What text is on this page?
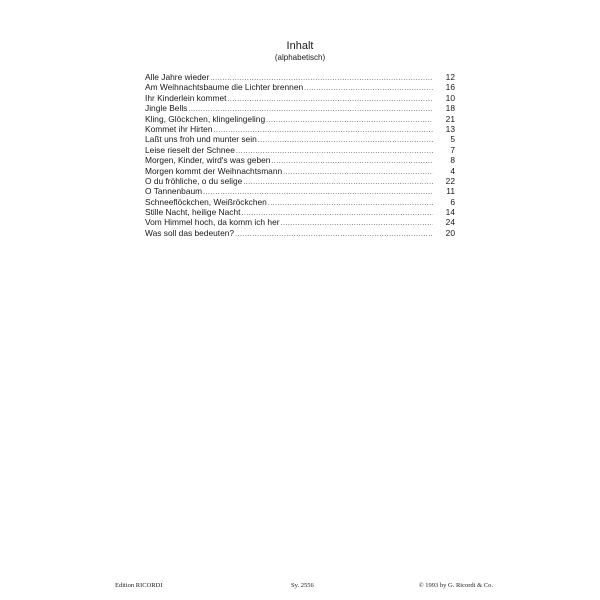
Inhalt
(alphabetisch)
Alle Jahre wieder .....	12
Am Weihnachtsbaume die Lichter brennen .....	16
Ihr Kinderlein kommet .....	10
Jingle Bells .....	18
Kling, Glöckchen, klingelingeling .....	21
Kommet ihr Hirten .....	13
Laßt uns froh und munter sein .....	5
Leise rieselt der Schnee .....	7
Morgen, Kinder, wird's was geben .....	8
Morgen kommt der Weihnachtsmann .....	4
O du fröhliche, o du selige .....	22
O Tannenbaum .....	11
Schneeflöckchen, Weißröckchen .....	6
Stille Nacht, heilige Nacht .....	14
Vom Himmel hoch, da komm ich her .....	24
Was soll das bedeuten? .....	20
Edition RICORDI	Sy. 2556	© 1993 by G. Ricordi & Co.
